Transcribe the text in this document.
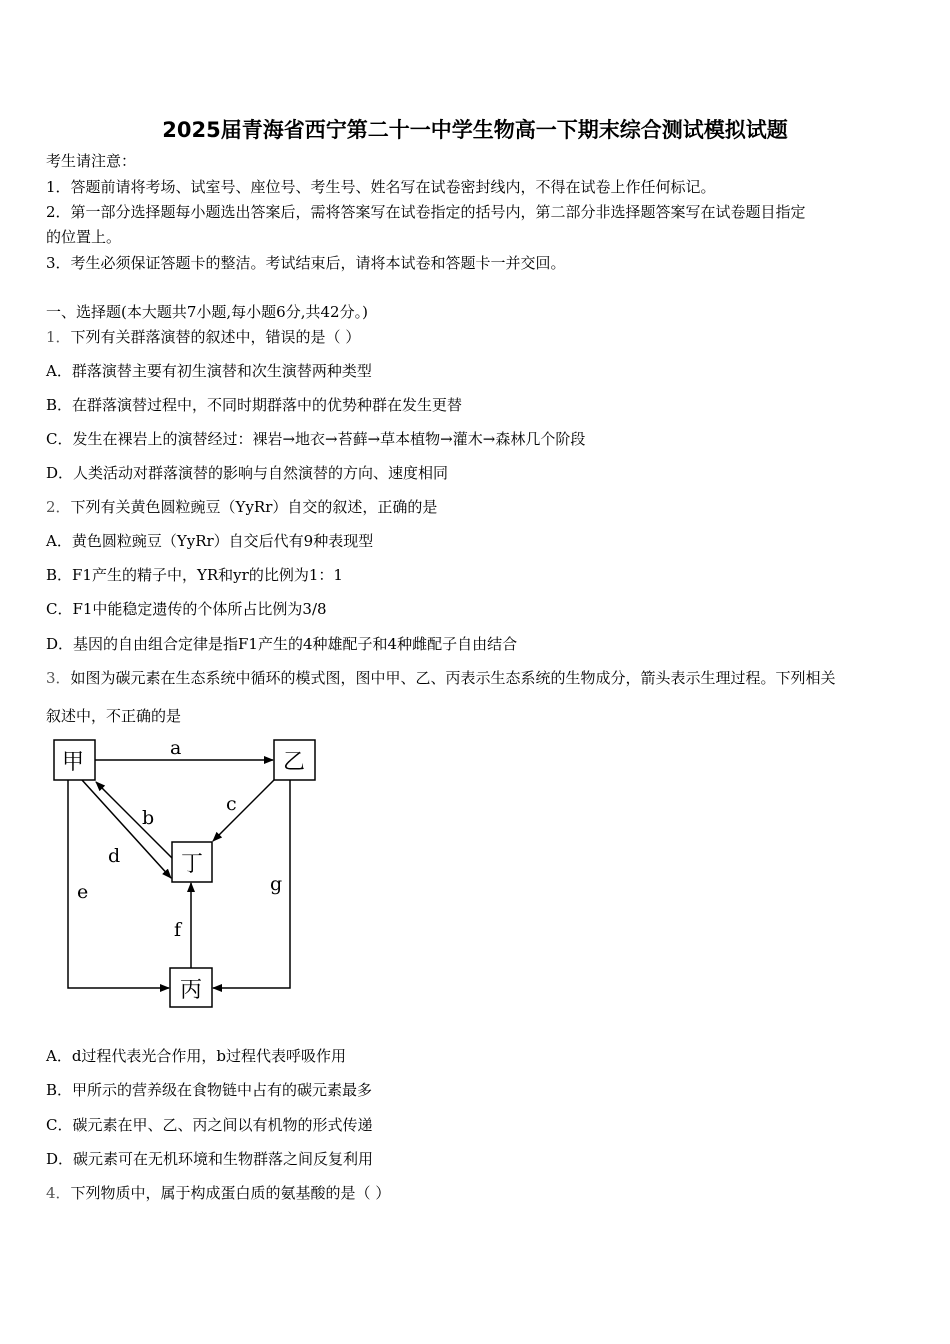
2025届青海省西宁第二十一中学生物高一下期末综合测试模拟试题
考生请注意：
1．答题前请将考场、试室号、座位号、考生号、姓名写在试卷密封线内，不得在试卷上作任何标记。
2．第一部分选择题每小题选出答案后，需将答案写在试卷指定的括号内，第二部分非选择题答案写在试卷题目指定
的位置上。
3．考生必须保证答题卡的整洁。考试结束后，请将本试卷和答题卡一并交回。
一、选择题(本大题共7小题,每小题6分,共42分。)
1．下列有关群落演替的叙述中，错误的是（ ）
A．群落演替主要有初生演替和次生演替两种类型
B．在群落演替过程中，不同时期群落中的优势种群在发生更替
C．发生在裸岩上的演替经过：裸岩→地衣→苔藓→草本植物→灌木→森林几个阶段
D．人类活动对群落演替的影响与自然演替的方向、速度相同
2．下列有关黄色圆粒豌豆（YyRr）自交的叙述，正确的是
A．黄色圆粒豌豆（YyRr）自交后代有9种表现型
B．F1产生的精子中，YR和yr的比例为1：1
C．F1中能稳定遗传的个体所占比例为3/8
D．基因的自由组合定律是指F1产生的4种雄配子和4种雌配子自由结合
3．如图为碳元素在生态系统中循环的模式图，图中甲、乙、丙表示生态系统的生物成分，箭头表示生理过程。下列相关
叙述中，不正确的是
甲	乙
丁
丙
a
b
c
d
e
f
g
A．d过程代表光合作用，b过程代表呼吸作用
B．甲所示的营养级在食物链中占有的碳元素最多
C．碳元素在甲、乙、丙之间以有机物的形式传递
D．碳元素可在无机环境和生物群落之间反复利用
4．下列物质中，属于构成蛋白质的氨基酸的是（ ）
